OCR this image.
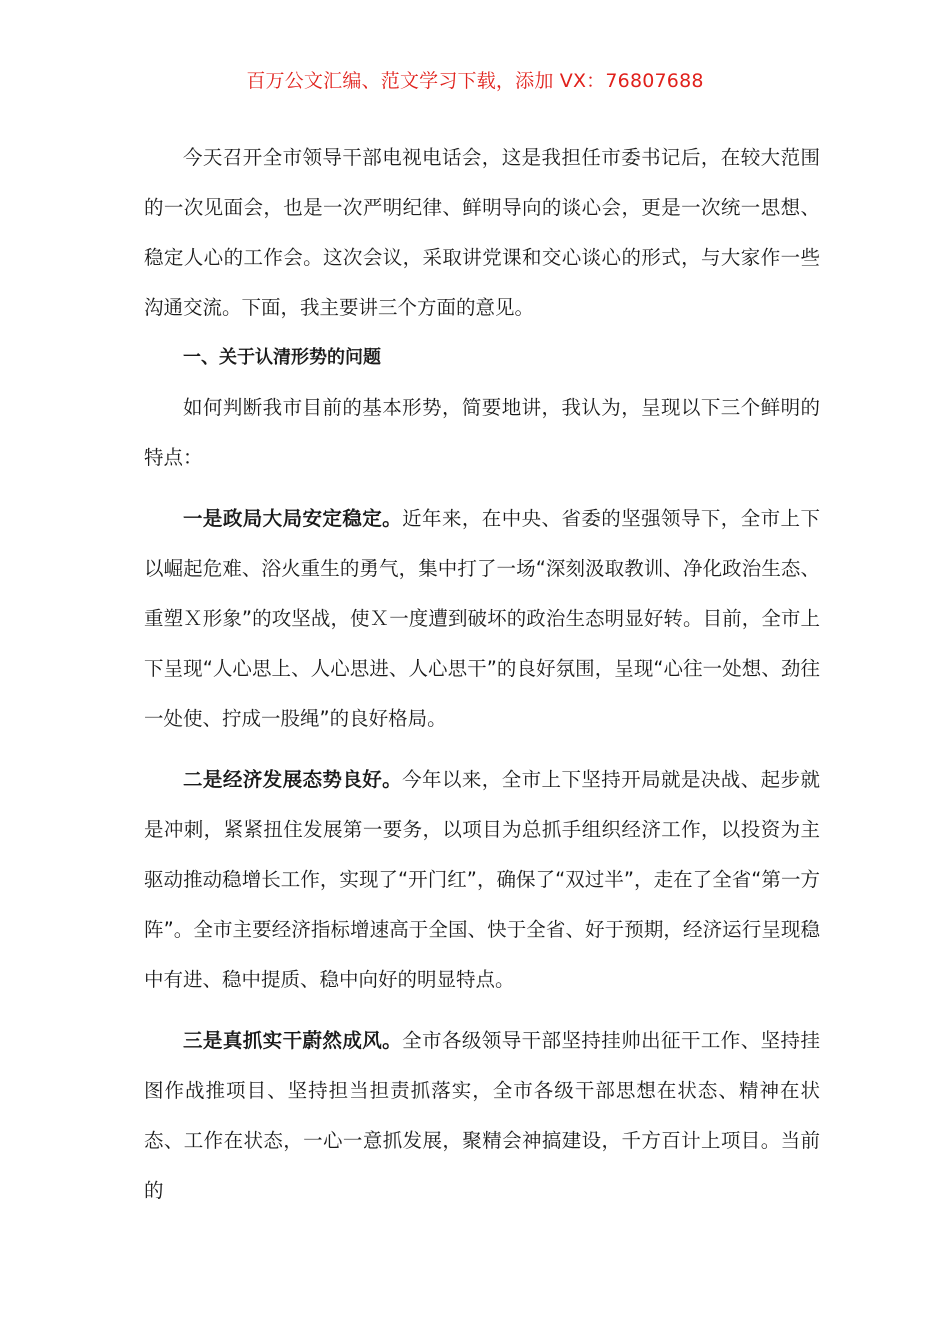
百万公文汇编、范文学习下载，添加 VX：76807688

今天召开全市领导干部电视电话会，这是我担任市委书记后，在较大范围的一次见面会，也是一次严明纪律、鲜明导向的谈心会，更是一次统一思想、稳定人心的工作会。这次会议，采取讲党课和交心谈心的形式，与大家作一些沟通交流。下面，我主要讲三个方面的意见。

一、关于认清形势的问题

如何判断我市目前的基本形势，简要地讲，我认为，呈现以下三个鲜明的特点：

一是政局大局安定稳定。近年来，在中央、省委的坚强领导下，全市上下以崛起危难、浴火重生的勇气，集中打了一场“深刻汲取教训、净化政治生态、重塑Ｘ形象”的攻坚战，使Ｘ一度遭到破坏的政治生态明显好转。目前，全市上下呈现“人心思上、人心思进、人心思干”的良好氛围，呈现“心往一处想、劲往一处使、拧成一股绳”的良好格局。

二是经济发展态势良好。今年以来，全市上下坚持开局就是决战、起步就是冲刺，紧紧扭住发展第一要务，以项目为总抓手组织经济工作，以投资为主驱动推动稳增长工作，实现了“开门红”，确保了“双过半”，走在了全省“第一方阵”。全市主要经济指标增速高于全国、快于全省、好于预期，经济运行呈现稳中有进、稳中提质、稳中向好的明显特点。

三是真抓实干蔚然成风。全市各级领导干部坚持挂帅出征干工作、坚持挂图作战推项目、坚持担当担责抓落实，全市各级干部思想在状态、精神在状态、工作在状态，一心一意抓发展，聚精会神搞建设，千方百计上项目。当前的
